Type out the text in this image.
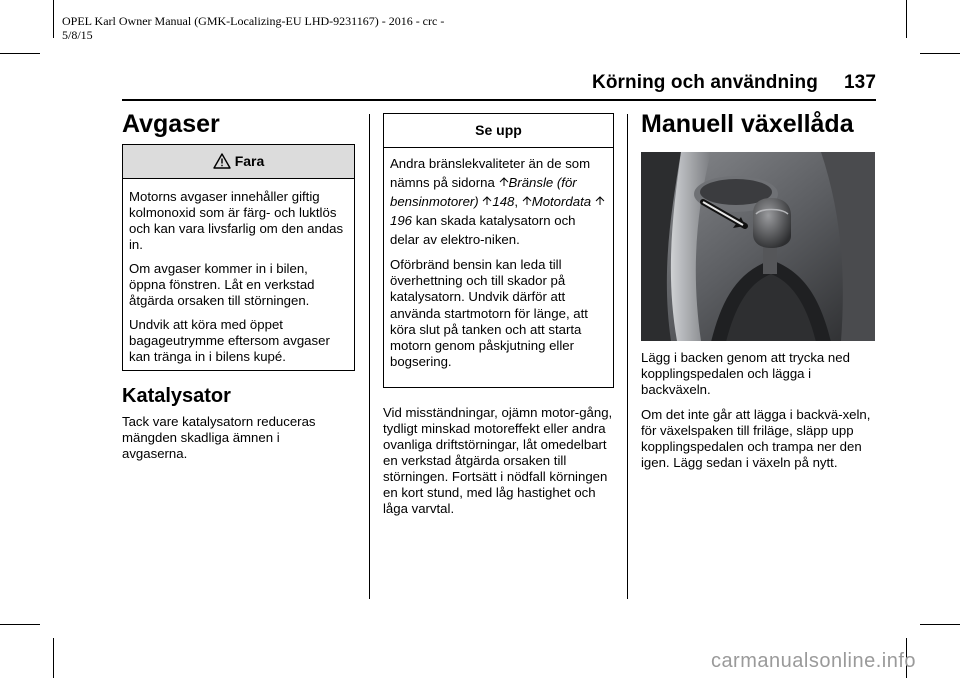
OPEL Karl Owner Manual (GMK-Localizing-EU LHD-9231167) - 2016 - crc -
5/8/15
Körning och användning 137
Avgaser
Fara

Motorns avgaser innehåller giftig kolmonoxid som är färg- och luktlös och kan vara livsfarlig om den andas in.

Om avgaser kommer in i bilen, öppna fönstren. Låt en verkstad åtgärda orsaken till störningen.

Undvik att köra med öppet bagageutrymme eftersom avgaser kan tränga in i bilens kupé.

Katalysator
Tack vare katalysatorn reduceras mängden skadliga ämnen i avgaserna.
Se upp

Andra bränslekvaliteter än de som nämns på sidorna Bränsle (för bensinmotorer) 148, Motordata 196 kan skada katalysatorn och delar av elektro-niken.

Oförbränd bensin kan leda till överhettning och till skador på katalysatorn. Undvik därför att använda startmotorn för länge, att köra slut på tanken och att starta motorn genom påskjutning eller bogsering.

Vid misständningar, ojämn motor-gång, tydligt minskad motoreffekt eller andra ovanliga driftstörningar, låt omedelbart en verkstad åtgärda orsaken till störningen. Fortsätt i nödfall körningen en kort stund, med låg hastighet och låga varvtal.
Manuell växellåda

Lägg i backen genom att trycka ned kopplingspedalen och lägga i backväxeln.

Om det inte går att lägga i backvä-xeln, för växelspaken till friläge, släpp upp kopplingspedalen och trampa ner den igen. Lägg sedan i växeln på nytt.

carmanualsonline.info
